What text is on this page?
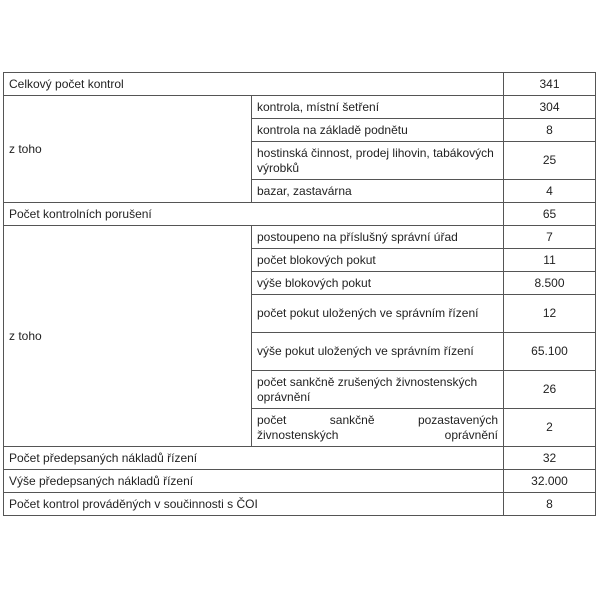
Celkový počet kontrol		341
z toho	kontrola, místní šetření	304
	kontrola na základě podnětu	8
	hostinská činnost, prodej lihovin, tabákových výrobků	25
	bazar, zastavárna	4
Počet kontrolních porušení		65
z toho	postoupeno na příslušný správní úřad	7
	počet blokových pokut	11
	výše blokových pokut	8.500
	počet pokut uložených ve správním řízení	12
	výše pokut uložených ve správním řízení	65.100
	počet sankčně zrušených živnostenských oprávnění	26
	počet sankčně pozastavených živnostenských oprávnění	2
Počet předepsaných nákladů řízení		32
Výše předepsaných nákladů řízení		32.000
Počet kontrol prováděných v součinnosti s ČOI		8
